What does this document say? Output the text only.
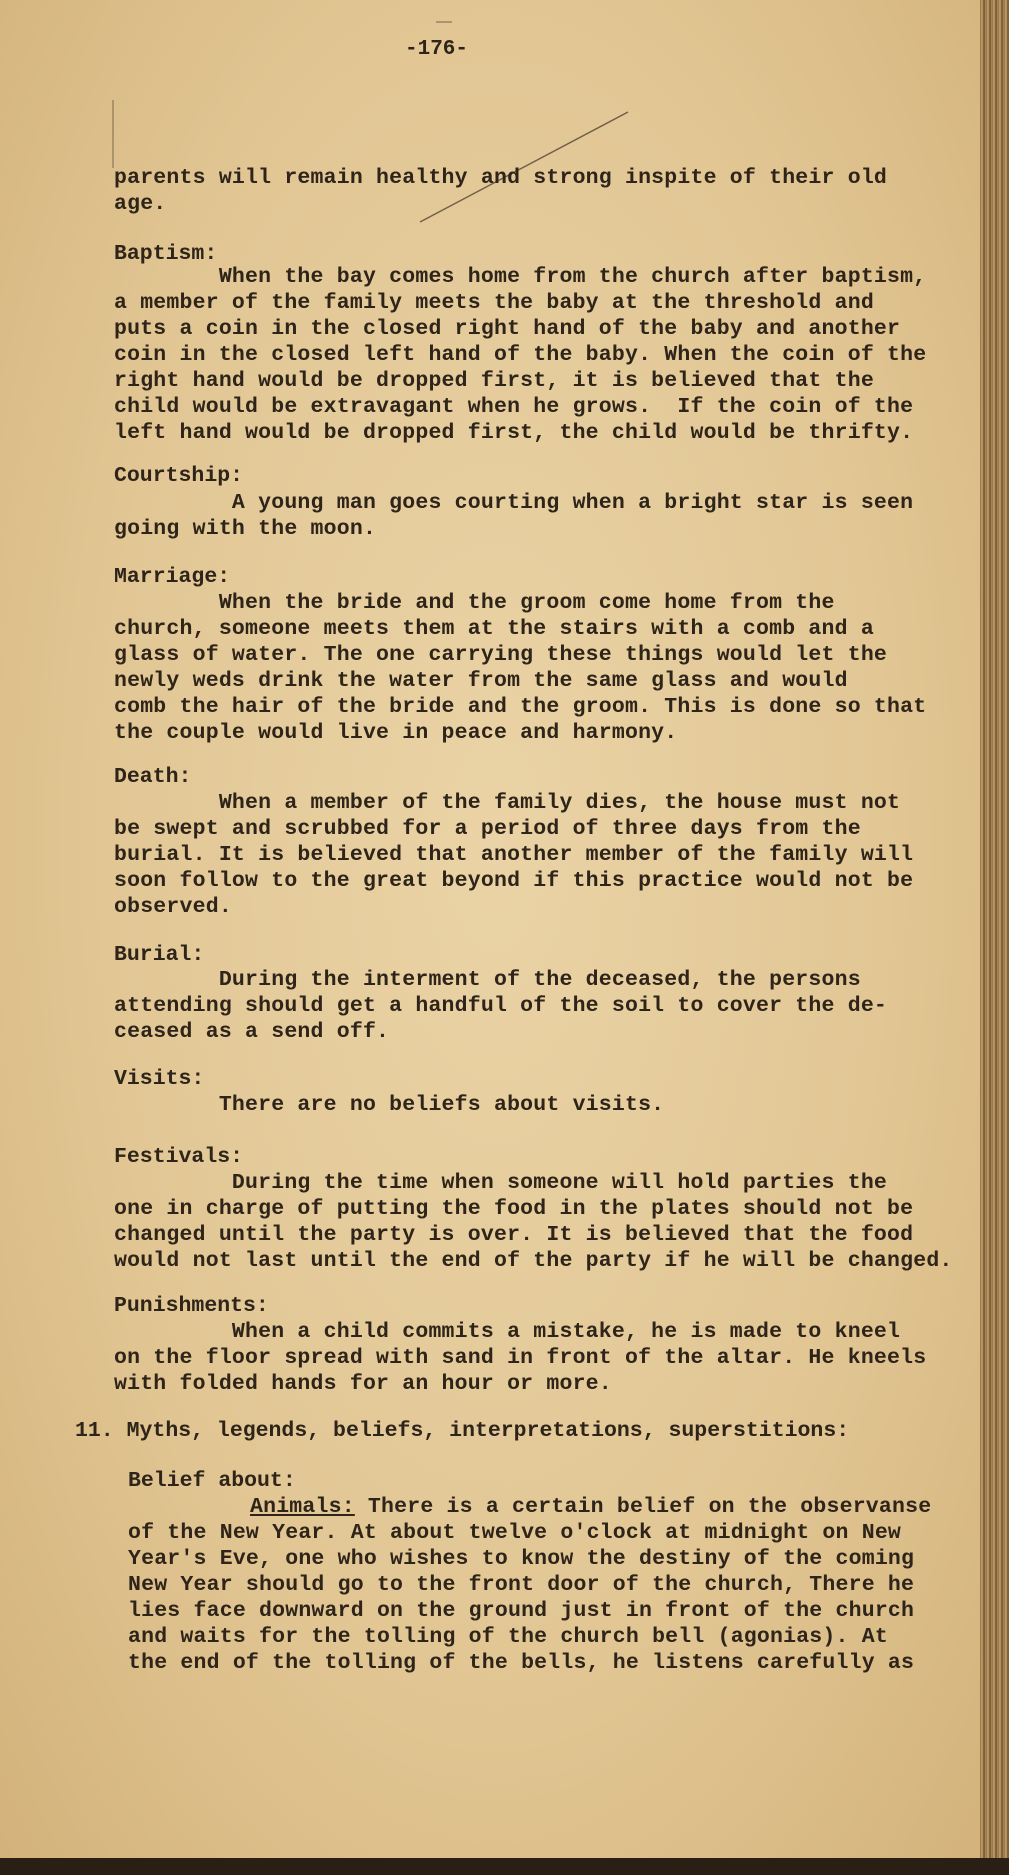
-176-

parents will remain healthy and strong inspite of their old
age.

Baptism:

When the bay comes home from the church after baptism,
a member of the family meets the baby at the threshold and
puts a coin in the closed right hand of the baby and another
coin in the closed left hand of the baby. When the coin of the
right hand would be dropped first, it is believed that the
child would be extravagant when he grows.  If the coin of the
left hand would be dropped first, the child would be thrifty.

Courtship:

A young man goes courting when a bright star is seen
going with the moon.

Marriage:

When the bride and the groom come home from the
church, someone meets them at the stairs with a comb and a
glass of water. The one carrying these things would let the
newly weds drink the water from the same glass and would
comb the hair of the bride and the groom. This is done so that
the couple would live in peace and harmony.

Death:

When a member of the family dies, the house must not
be swept and scrubbed for a period of three days from the
burial. It is believed that another member of the family will
soon follow to the great beyond if this practice would not be
observed.

Burial:

During the interment of the deceased, the persons
attending should get a handful of the soil to cover the de-
ceased as a send off.

Visits:

There are no beliefs about visits.

Festivals:

During the time when someone will hold parties the
one in charge of putting the food in the plates should not be
changed until the party is over. It is believed that the food
would not last until the end of the party if he will be changed.

Punishments:

When a child commits a mistake, he is made to kneel
on the floor spread with sand in front of the altar. He kneels
with folded hands for an hour or more.

11. Myths, legends, beliefs, interpretations, superstitions:

Belief about:

Animals: There is a certain belief on the observanse
of the New Year. At about twelve o'clock at midnight on New
Year's Eve, one who wishes to know the destiny of the coming
New Year should go to the front door of the church, There he
lies face downward on the ground just in front of the church
and waits for the tolling of the church bell (agonias). At
the end of the tolling of the bells, he listens carefully as
